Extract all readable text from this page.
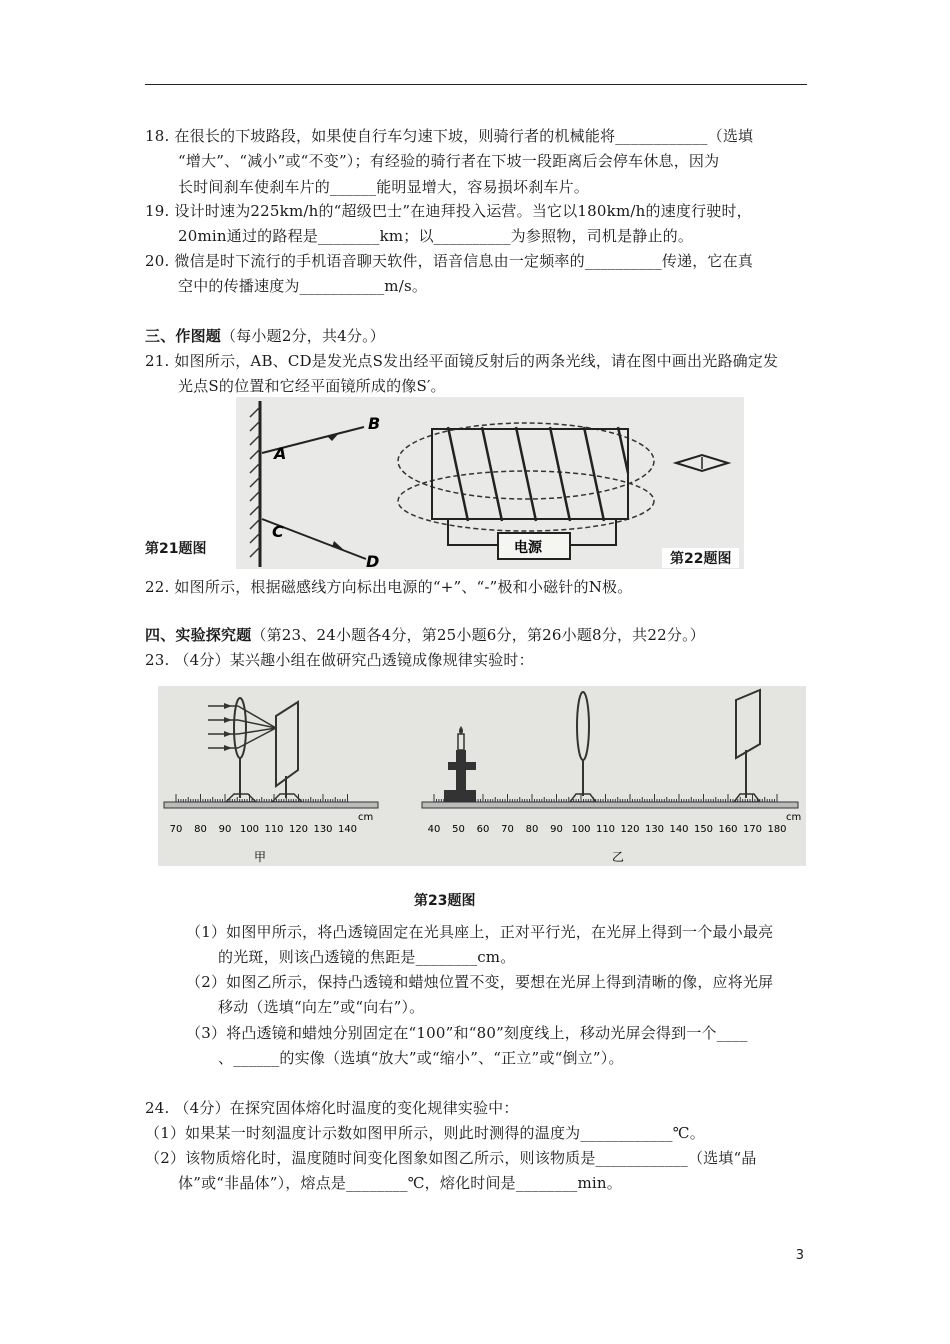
18. 在很长的下坡路段，如果使自行车匀速下坡，则骑行者的机械能将____________（选填
“增大”、“减小”或“不变”）；有经验的骑行者在下坡一段距离后会停车休息，因为
长时间刹车使刹车片的______能明显增大，容易损坏刹车片。
19. 设计时速为225km/h的“超级巴士”在迪拜投入运营。当它以180km/h的速度行驶时，
20min通过的路程是________km；以__________为参照物，司机是静止的。
20. 微信是时下流行的手机语音聊天软件，语音信息由一定频率的__________传递，它在真
空中的传播速度为___________m/s。
三、作图题（每小题2分，共4分。）
21. 如图所示，AB、CD是发光点S发出经平面镜反射后的两条光线，请在图中画出光路确定发
光点S的位置和它经平面镜所成的像S′。
A
B
C
D
电源
第21题图
第22题图
22. 如图所示，根据磁感线方向标出电源的“+”、“-”极和小磁针的N极。
四、实验探究题（第23、24小题各4分，第25小题6分，第26小题8分，共22分。）
23. （4分）某兴趣小组在做研究凸透镜成像规律实验时：
cm	cm
甲	乙
70 80 90 100 110 120 130 140	40 50 60 70 80 90 100 110 120 130 140 150 160 170 180
第23题图
（1）如图甲所示，将凸透镜固定在光具座上，正对平行光，在光屏上得到一个最小最亮
的光斑，则该凸透镜的焦距是________cm。
（2）如图乙所示，保持凸透镜和蜡烛位置不变，要想在光屏上得到清晰的像，应将光屏
移动（选填“向左”或“向右”）。
（3）将凸透镜和蜡烛分别固定在“100”和“80”刻度线上，移动光屏会得到一个____
、______的实像（选填“放大”或“缩小”、“正立”或“倒立”）。
24. （4分）在探究固体熔化时温度的变化规律实验中：
（1）如果某一时刻温度计示数如图甲所示，则此时测得的温度为____________℃。
（2）该物质熔化时，温度随时间变化图象如图乙所示，则该物质是____________（选填“晶
体”或“非晶体”），熔点是________℃，熔化时间是________min。
3
